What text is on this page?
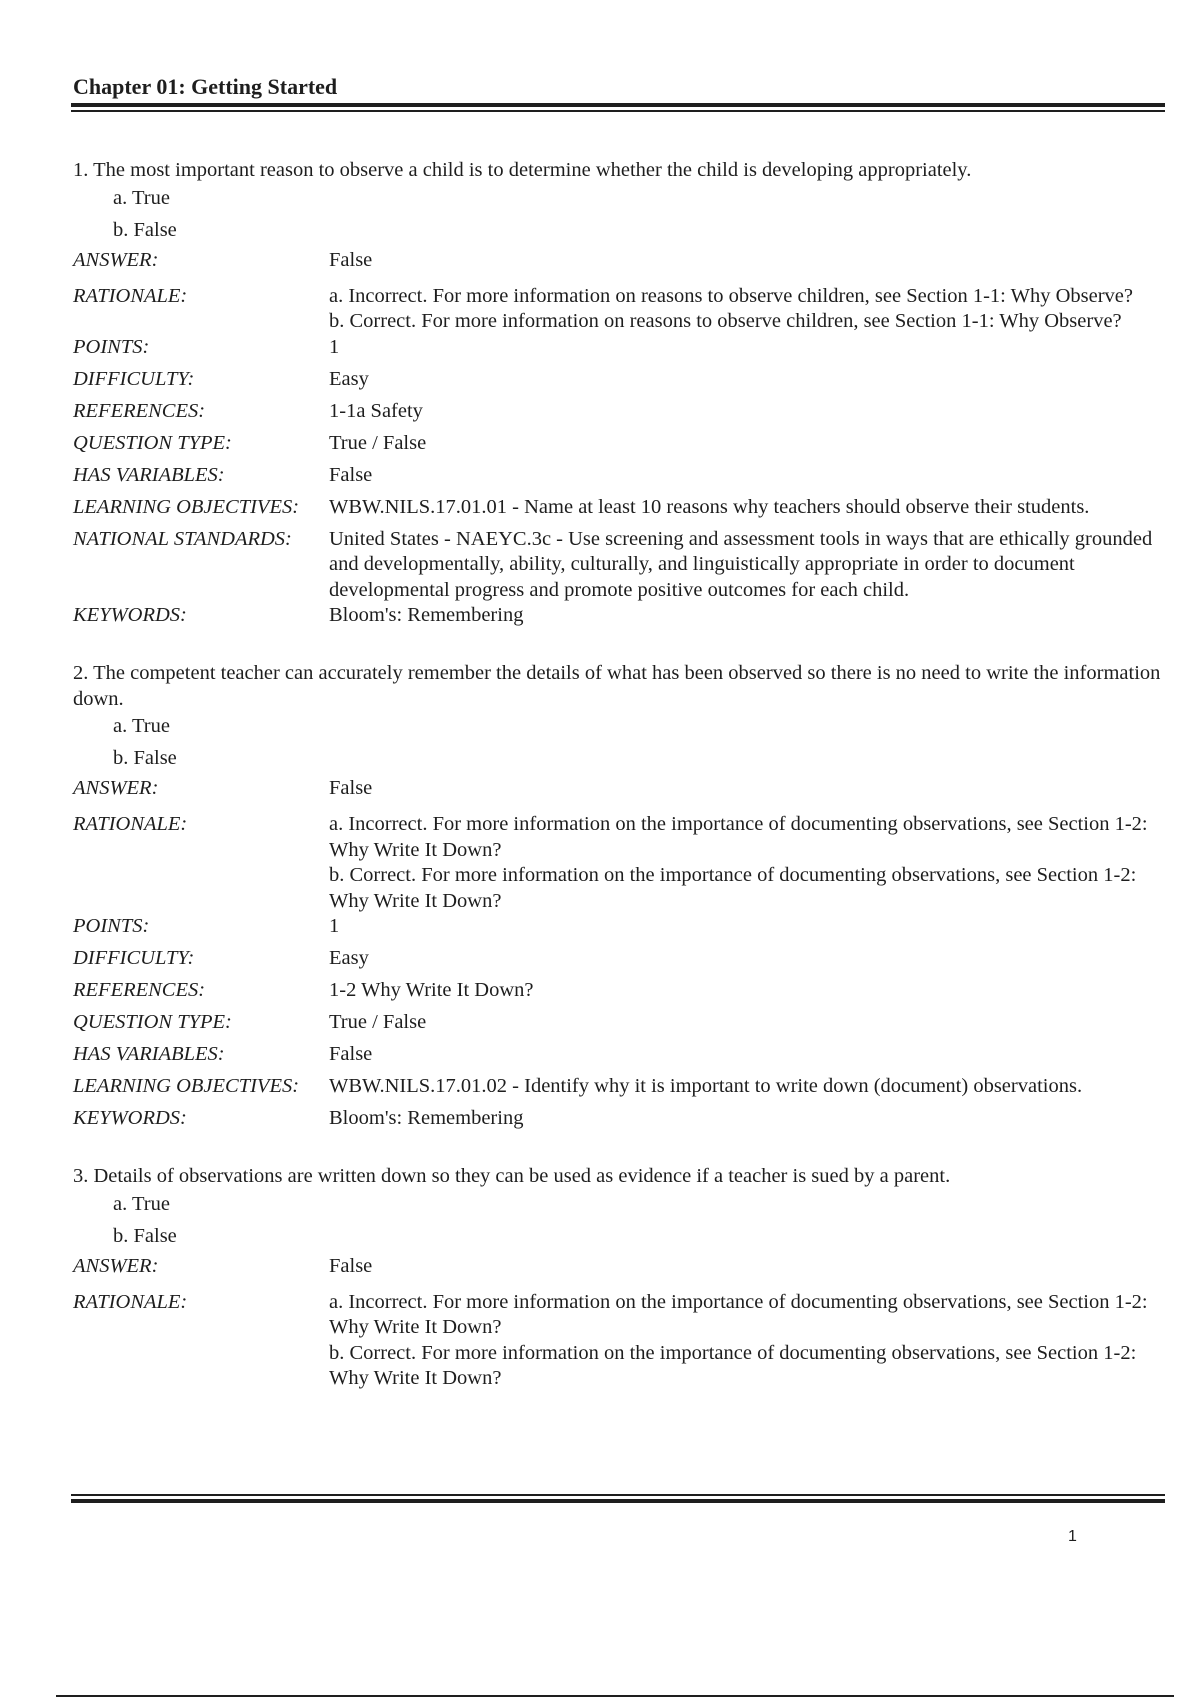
Chapter 01: Getting Started

1. The most important reason to observe a child is to determine whether the child is developing appropriately.

a. True
b. False
ANSWER:	False
RATIONALE:	a. Incorrect. For more information on reasons to observe children, see Section 1-1: Why Observe?
b. Correct. For more information on reasons to observe children, see Section 1-1: Why Observe?
POINTS:	1
DIFFICULTY:	Easy
REFERENCES:	1-1a Safety
QUESTION TYPE:	True / False
HAS VARIABLES:	False
LEARNING OBJECTIVES:	WBW.NILS.17.01.01 - Name at least 10 reasons why teachers should observe their students.
NATIONAL STANDARDS:	United States - NAEYC.3c - Use screening and assessment tools in ways that are ethically grounded and developmentally, ability, culturally, and linguistically appropriate in order to document developmental progress and promote positive outcomes for each child.
KEYWORDS:	Bloom's: Remembering

2. The competent teacher can accurately remember the details of what has been observed so there is no need to write the information down.

a. True
b. False
ANSWER:	False
RATIONALE:	a. Incorrect. For more information on the importance of documenting observations, see Section 1-2: Why Write It Down?
b. Correct. For more information on the importance of documenting observations, see Section 1-2: Why Write It Down?
POINTS:	1
DIFFICULTY:	Easy
REFERENCES:	1-2 Why Write It Down?
QUESTION TYPE:	True / False
HAS VARIABLES:	False
LEARNING OBJECTIVES:	WBW.NILS.17.01.02 - Identify why it is important to write down (document) observations.
KEYWORDS:	Bloom's: Remembering

3. Details of observations are written down so they can be used as evidence if a teacher is sued by a parent.

a. True
b. False
ANSWER:	False
RATIONALE:	a. Incorrect. For more information on the importance of documenting observations, see Section 1-2: Why Write It Down?
b. Correct. For more information on the importance of documenting observations, see Section 1-2: Why Write It Down?
1
